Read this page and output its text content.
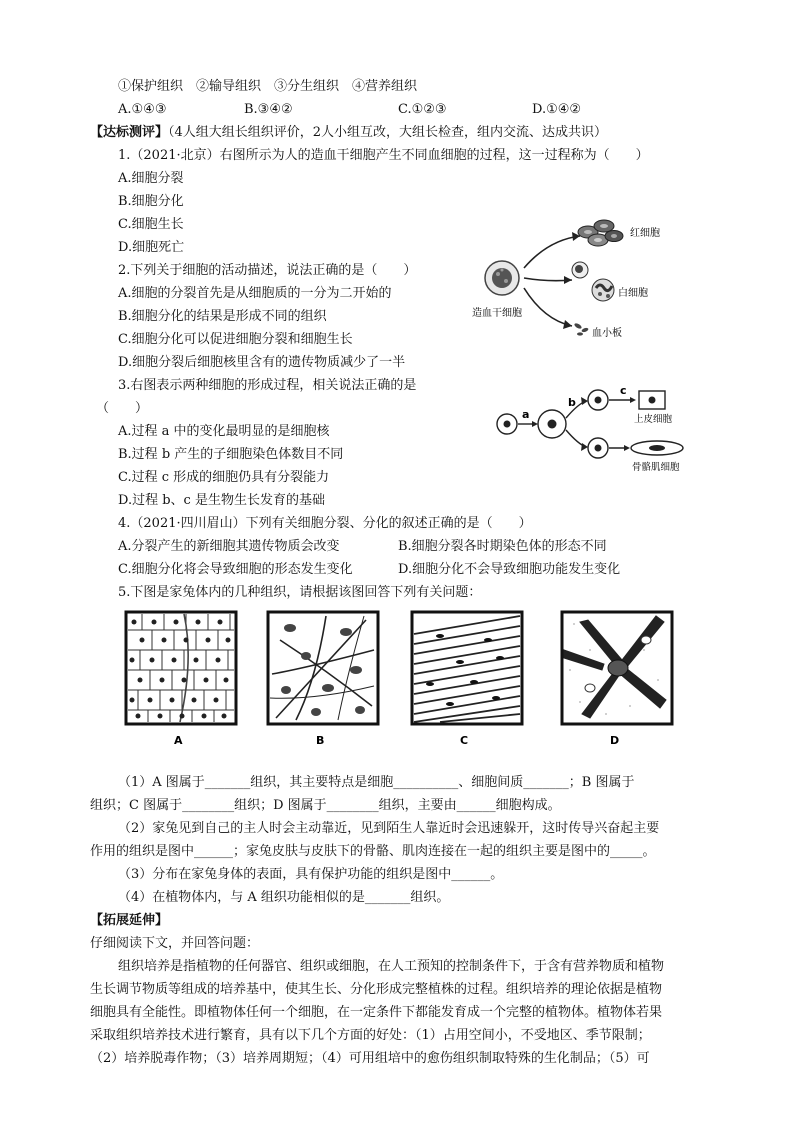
①保护组织　②输导组织　③分生组织　④营养组织
A.①④③	B.③④②	C.①②③	D.①④②
【达标测评】（4人组大组长组织评价，2人小组互改，大组长检查，组内交流、达成共识）
1.（2021·北京）右图所示为人的造血干细胞产生不同血细胞的过程，这一过程称为（　　）
A.细胞分裂
B.细胞分化
C.细胞生长
D.细胞死亡
红细胞
白细胞
血小板
造血干细胞
2.下列关于细胞的活动描述，说法正确的是（　　）
A.细胞的分裂首先是从细胞质的一分为二开始的
B.细胞分化的结果是形成不同的组织
C.细胞分化可以促进细胞分裂和细胞生长
D.细胞分裂后细胞核里含有的遗传物质减少了一半
3.右图表示两种细胞的形成过程，相关说法正确的是
（　　）
A.过程 a 中的变化最明显的是细胞核
B.过程 b 产生的子细胞染色体数目不同
C.过程 c 形成的细胞仍具有分裂能力
D.过程 b、c 是生物生长发育的基础
a
b
c
上皮细胞
骨骼肌细胞
4.（2021·四川眉山）下列有关细胞分裂、分化的叙述正确的是（　　）
A.分裂产生的新细胞其遗传物质会改变	B.细胞分裂各时期染色体的形态不同
C.细胞分化将会导致细胞的形态发生变化	D.细胞分化不会导致细胞功能发生变化
5.下图是家兔体内的几种组织，请根据该图回答下列有关问题：
A	B	C	D
（1）A 图属于_______组织，其主要特点是细胞__________、细胞间质_______；B 图属于
组织；C 图属于________组织；D 图属于________组织，主要由______细胞构成。
（2）家兔见到自己的主人时会主动靠近，见到陌生人靠近时会迅速躲开，这时传导兴奋起主要
作用的组织是图中______；家兔皮肤与皮肤下的骨骼、肌肉连接在一起的组织主要是图中的_____。
（3）分布在家兔身体的表面，具有保护功能的组织是图中______。
（4）在植物体内，与 A 组织功能相似的是_______组织。
【拓展延伸】
仔细阅读下文，并回答问题：
组织培养是指植物的任何器官、组织或细胞，在人工预知的控制条件下，于含有营养物质和植物
生长调节物质等组成的培养基中，使其生长、分化形成完整植株的过程。组织培养的理论依据是植物
细胞具有全能性。即植物体任何一个细胞，在一定条件下都能发育成一个完整的植物体。植物体若果
采取组织培养技术进行繁育，具有以下几个方面的好处：（1）占用空间小，不受地区、季节限制；
（2）培养脱毒作物；（3）培养周期短；（4）可用组培中的愈伤组织制取特殊的生化制品；（5）可
